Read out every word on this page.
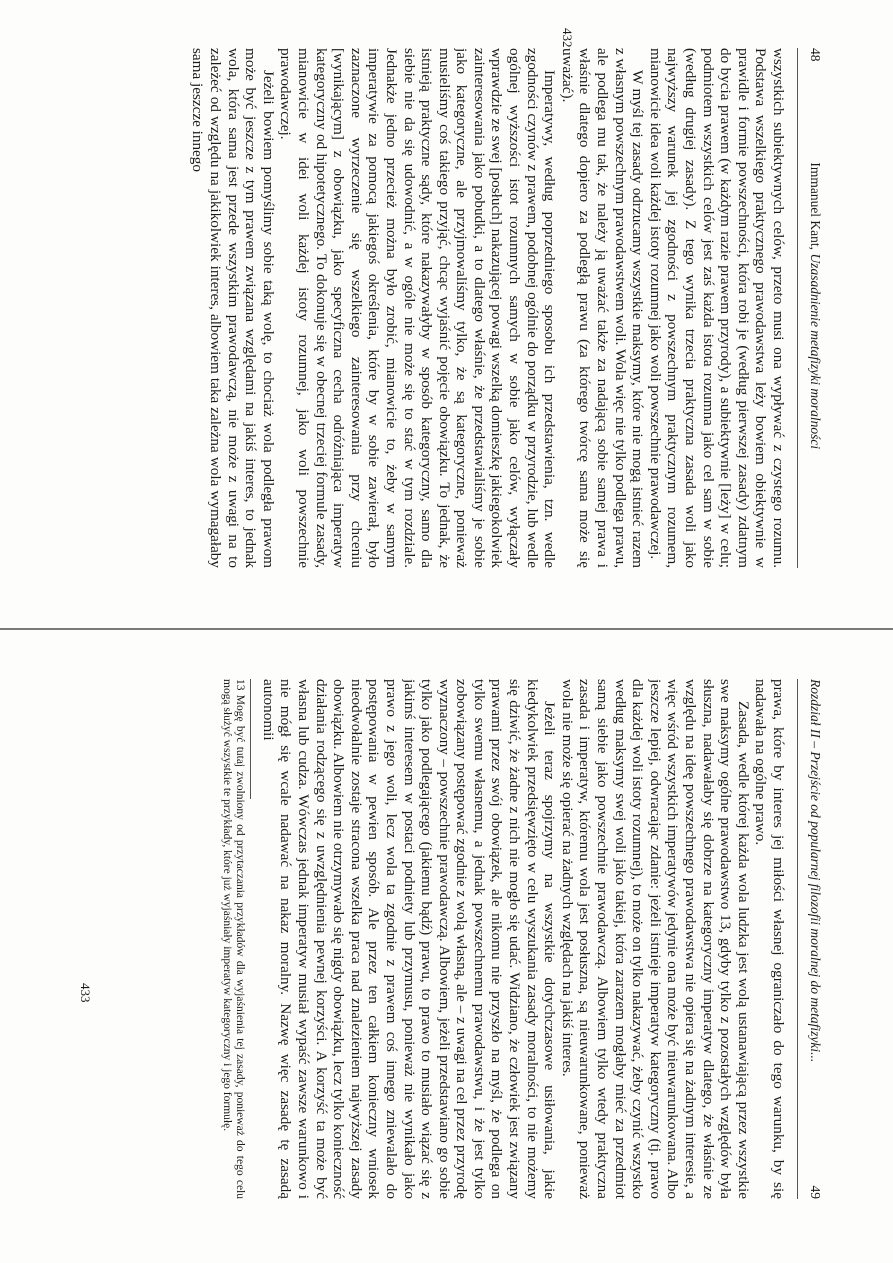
48
Immanuel Kant, Uzasadnienie metafizyki moralności

wszystkich subiektywnych celów, przeto musi ona wypływać z czystego rozumu. Podstawa wszelkiego praktycznego prawodawstwa leży bowiem obiektywnie w prawidle i formie powszechności, która robi je (według pierwszej zasady) zdatnym do bycia prawem (w każdym razie prawem przyrody), a subiektywnie [leży] w celu; podmiotem wszystkich celów jest zaś każda istota rozumna jako cel sam w sobie (według drugiej zasady). Z tego wynika trzecia praktyczna zasada woli jako najwyższy warunek jej zgodności z powszechnym praktycznym rozumem, mianowicie idea woli każdej istoty rozumnej jako woli powszechnie prawodawczej.

W myśl tej zasady odrzucamy wszystkie maksymy, które nie mogą istnieć razem z własnym powszechnym prawodawstwem woli. Wola więc nie tylko podlega prawu, ale podlega mu tak, że należy ją uważać także za nadającą sobie samej prawa i właśnie dlatego dopiero za podległą prawu (za którego twórcę sama może się uważać).

Imperatywy, według poprzedniego sposobu ich przedstawienia, tzn. wedle zgodności czynów z prawem, podobnej ogólnie do porządku w przyrodzie, lub wedle ogólnej wyższości istot rozumnych samych w sobie jako celów, wyłączały wprawdzie ze swej [posłuch] nakazującej powagi wszelką domieszkę jakiegokolwiek zainteresowania jako pobudki, a to dlatego właśnie, że przedstawialiśmy je sobie jako kategoryczne, ale przyjmowaliśmy tylko, że są kategoryczne, ponieważ musieliśmy coś takiego przyjąć, chcąc wyjaśnić pojęcie obowiązku. To jednak, że istnieją praktyczne sądy, które nakazywałyby w sposób kategoryczny, samo dla siebie nie da się udowodnić, a w ogóle nie może się to stać w tym rozdziale. Jednakże jedno przecież można było zrobić, mianowicie to, żeby w samym imperatywie za pomocą jakiegoś określenia, które by w sobie zawierał, było zaznaczone wyrzeczenie się wszelkiego zainteresowania przy chceniu [wynikającym] z obowiązku, jako specyficzna cecha odróżniająca imperatyw kategoryczny od hipotetycznego. To dokonuje się w obecnej trzeciej formule zasady, mianowicie w idei woli każdej istoty rozumnej, jako woli powszechnie prawodawczej.

Jeżeli bowiem pomyślimy sobie taką wolę, to chociaż wola podległa prawom może być jeszcze z tym prawem związana względami na jakiś interes, to jednak wola, która sama jest przede wszystkim prawodawczą, nie może z uwagi na to zależeć od względu na jakikolwiek interes, albowiem taka zależna wola wymagałaby sama jeszcze innego

432
Rozdział II – Przejście od popularnej filozofii moralnej do metafizyki...
49

prawa, które by interes jej miłości własnej ograniczało do tego warunku, by się nadawała na ogólne prawo.

Zasada, wedle której każda wola ludzka jest wolą ustanawiającą przez wszystkie swe maksymy ogólne prawodawstwo 13, gdyby tylko z pozostałych względów była słuszna, nadawałaby się dobrze na kategoryczny imperatyw dlatego, że właśnie ze względu na ideę powszechnego prawodawstwa nie opiera się na żadnym interesie, a więc wśród wszystkich imperatywów jedynie ona może być nieuwarunkowana. Albo jeszcze lepiej, odwracając zdanie: jeżeli istnieje imperatyw kategoryczny (tj. prawo dla każdej woli istoty rozumnej), to może on tylko nakazywać, żeby czynić wszystko według maksymy swej woli jako takiej, która zarazem mogłaby mieć za przedmiot samą siebie jako powszechnie prawodawczą. Albowiem tylko wtedy praktyczna zasada i imperatyw, któremu wola jest posłuszna, są nieuwarunkowane, ponieważ wola nie może się opierać na żadnych względach na jakiś interes.

Jeżeli teraz spojrzymy na wszystkie dotychczasowe usiłowania, jakie kiedykolwiek przedsięwzięto w celu wyszukania zasady moralności, to nie możemy się dziwić, że żadne z nich nie mogło się udać. Widziano, że człowiek jest związany prawami przez swój obowiązek, ale nikomu nie przyszło na myśl, że podlega on tylko swemu własnemu, a jednak powszechnemu prawodawstwu, i że jest tylko zobowiązany postępować zgodnie z wolą własną, ale – z uwagi na cel przez przyrodę wyznaczony – powszechnie prawodawczą. Albowiem, jeżeli przedstawiano go sobie tylko jako podlegającego (jakiemu bądź) prawu, to prawo to musiało wiązać się z jakimś interesem w postaci podniety lub przymusu, ponieważ nie wynikało jako prawo z jego woli, lecz wola ta zgodnie z prawem coś innego zniewalało do postępowania w pewien sposób. Ale przez ten całkiem konieczny wniosek nieodwołalnie zostaje stracona wszelka praca nad znalezieniem najwyższej zasady obowiązku. Albowiem nie otrzymywało się nigdy obowiązku, lecz tylko konieczność działania rodzącego się z uwzględnienia pewnej korzyści. A korzyść ta może być własna lub cudza. Wówczas jednak imperatyw musiał wypaść zawsze warunkowo i nie mógł się wcale nadawać na nakaz moralny. Nazwę więc zasadę tę zasadą autonomii

13 Mogę być tutaj zwolniony od przytaczania przykładów dla wyjaśnienia tej zasady, ponieważ do tego celu mogą służyć wszystkie te przykłady, które już wyjaśniały imperatyw kategoryczny i jego formułę.
433
